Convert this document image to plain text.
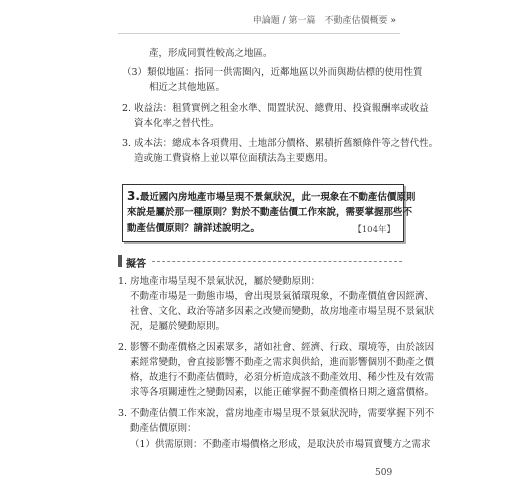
申論題 / 第一篇　不動產估價概要 »
產，形成同質性較高之地區。
（3）類似地區：指同一供需圈內，近鄰地區以外而與勘估標的使用性質
相近之其他地區。
2. 收益法：租賃實例之租金水準、閒置狀況、總費用、投資報酬率或收益
資本化率之替代性。
3. 成本法：總成本各項費用、土地部分價格、累積折舊額條件等之替代性。
造或施工費資格上並以單位面積法為主要應用。
3.最近國內房地產市場呈現不景氣狀況，此一現象在不動產估價原則
來說是屬於那一種原則？對於不動產估價工作來說，需要掌握那些不
動產估價原則？請詳述說明之。	【104年】
擬答
1. 房地產市場呈現不景氣狀況，屬於變動原則：
不動產市場是一動態市場，會出現景氣循環現象，不動產價值會因經濟、
社會、文化、政治等諸多因素之改變而變動，故房地產市場呈現不景氣狀
況，是屬於變動原則。
2. 影響不動產價格之因素眾多，諸如社會、經濟、行政、環境等，由於該因
素經常變動，會直接影響不動產之需求與供給，進而影響個別不動產之價
格，故進行不動產估價時，必須分析造成該不動產效用、稀少性及有效需
求等各項關連性之變動因素，以能正確掌握不動產價格日期之適當價格。
3. 不動產估價工作來說，當房地產市場呈現不景氣狀況時，需要掌握下列不
動產估價原則：
（1）供需原則：不動產市場價格之形成，是取決於市場買賣雙方之需求
509
